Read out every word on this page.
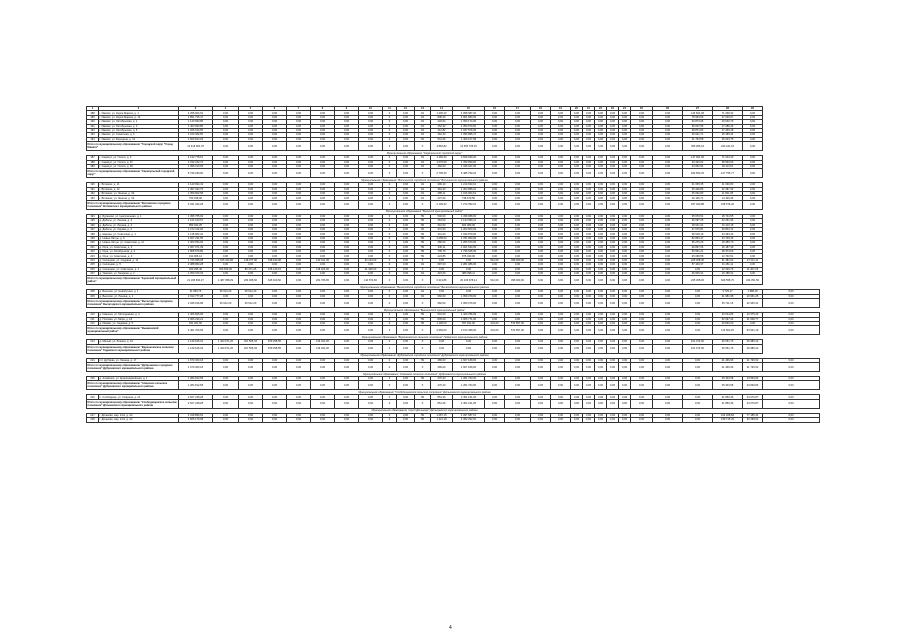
1	2	3	4	5	6	7	8	9	10	11	12	13	14	15	16	17	18	19	20	21	22	23	24	25	26	27	28	29	
188	г. Ижевск, ул. Карла Маркса, д. 1	4 258 904,62	0,00	0,00	0,00	0,00	0,00	0,00	0,00	0	0,00	СК	1 205,20	4 058 087,00	0,00	0,00	0,00	0,00	0,00	0,00	0,00	0,00	0,00	0,00	0,00	115 841,48	71 268,32	0,00	
189	г. Ижевск, ул. Карла Маркса, д. 12	2 891 725,47	0,00	0,00	0,00	0,00	0,00	0,00	0,00	0	0,00	СК	838,20	2 901 680,00	0,00	0,00	0,00	0,00	0,00	0,00	0,00	0,00	0,00	0,00	0,00	78 963,59	47 029,67	0,00	
190	г. Ижевск, ул. Октябрьская, д. 1	1 140 690,85	0,00	0,00	0,00	0,00	0,00	0,00	0,00	0	0,00	СК	434,64	1 090 174,00	0,00	0,00	0,00	0,00	0,00	0,00	0,00	0,00	0,00	0,00	0,00	30 873,96	19 640,79	0,00	
191	г. Ижевск, ул. Октябрьская, д. 3	1 400 993,80	0,00	0,00	0,00	0,00	0,00	0,00	0,00	0	0,00	СК	452,32	1 350 670,00	0,00	0,00	0,00	0,00	0,00	0,00	0,00	0,00	0,00	0,00	0,00	39 037,66	17 286,46	0,00	
192	г. Ижевск, ул. Октябрьская, д. 5	1 026 614,55	0,00	0,00	0,00	0,00	0,00	0,00	0,00	0	0,00	СК	412,82	1 037 576,00	0,00	0,00	0,00	0,00	0,00	0,00	0,00	0,00	0,00	0,00	0,00	28 871,82	17 266,48	0,00	
193	г. Ижевск, ул. Советская, д. 4	1 100 462,50	0,00	0,00	0,00	0,00	0,00	0,00	0,00	0	0,00	СК	462,40	1 056 895,47	0,00	0,00	0,00	0,00	0,00	0,00	0,00	0,00	0,00	0,00	0,00	30 621,71	18 185,34	0,00	
194	г. Ижевск, ул. Бородина, д. 12	1 509 812,25	0,00	0,00	0,00	0,00	0,00	0,00	0,00	0	0,00	СК	541,66	1 469 167,98	0,00	0,00	0,00	0,00	0,00	0,00	0,00	0,00	0,00	0,00	0,00	41 763,58	25 003,75	0,00	
Итого по муниципальному образованию "Городской округ "Город Ижевск"		13 318 004,78	0,00	0,00	0,00	0,00	0,00	0,00	0,00	0	0,00	Х	4 866,82	14 350 735,45	0,00	0,00	0,00	0,00	0,00	0,00	0,00	0,00	0,00	0,00	0,00	456 256,19	223 441,15	0,00	
Муниципальное образование "Сарапульский городской округ"																													
187	г. Сарапул, ул. Гоголя, д. 3	4 132 778,51	0,00	0,00	0,00	0,00	0,00	0,00	0,00	0	0,00	СК	1 266,30	3 849 939,00	0,00	0,00	0,00	0,00	0,00	0,00	0,00	0,00	0,00	0,00	0,00	147 001,66	71 004,30	0,00	
188	г. Сарапул, ул. Гоголя, д. 37	2 232 242,73	0,00	0,00	0,00	0,00	0,00	0,00	0,00	0	0,00	СК	1 076,00	1 782 839,00	0,00	0,00	0,00	0,00	0,00	0,00	0,00	0,00	0,00	0,00	0,00	40 420,62	38 660,53	0,00	
189	г. Сарапул, ул. Гоголя, д. 39	1 395 213,06	0,00	0,00	0,00	0,00	0,00	0,00	0,00	0	0,00	СК	460,00	1 346 047,00	0,00	0,00	0,00	0,00	0,00	0,00	0,00	0,00	0,00	0,00	0,00	34 652,54	18 113,51	0,00	
Итого по муниципальному образованию "Сарапульский городской округ"		8 736 239,00	0,00	0,00	0,00	0,00	0,00	0,00	0,00	0	0,00	Х	2 795,30	6 485 799,04	0,00	0,00	0,00	0,00	0,00	0,00	0,00	0,00	0,00	0,00	0,00	182 550,23	127 755,77	0,00	
Муниципальное образование "Воткинское городское поселение" Воткинского муниципального района																													
190	г. Воткинск, д. 11	1 140 694,43	0,00	0,00	0,00	0,00	0,00	0,00	0,00	0	0,00	СК	390,20	1 214 633,01	0,00	0,00	0,00	0,00	0,00	0,00	0,00	0,00	0,00	0,00	0,00	31 665,35	21 630,83	0,00	
191	г. Воткинск, д. 12	1 357 322,76	0,00	0,00	0,00	0,00	0,00	0,00	0,00	0	0,00	СК	464,20	1 304 895,01	0,00	0,00	0,00	0,00	0,00	0,00	0,00	0,00	0,00	0,00	0,00	35 328,86	22 287,33	0,00	
192	г. Воткинск, ул. Ленина, д. 30	1 059 902,58	0,00	0,00	0,00	0,00	0,00	0,00	0,00	0	0,00	СК	285,11	1 016 064,61	0,00	0,00	0,00	0,00	0,00	0,00	0,00	0,00	0,00	0,00	0,00	25 092,80	11 821,95	0,00	
193	г. Воткинск, ул. Ленина, д. 32	763 328,90	0,00	0,00	0,00	0,00	0,00	0,00	0,00	0	0,00	СК	237,00	748 679,50	0,00	0,00	0,00	0,00	0,00	0,00	0,00	0,00	0,00	0,00	0,00	20 106,71	14 436,36	0,00	
Итого по муниципальному образованию "Воткинское городское поселение" Воткинского муниципального района		5 041 322,28	0,00	0,00	0,00	0,00	0,00	0,00	0,00	0	0,00	Х	2 105,62	7 272 052,91	0,00	0,00	0,00	0,00	0,00	0,00	0,00	0,00	0,00	0,00	0,00	187 460,88	108 576,20	0,00	
Муниципальное образование "Буинский муниципальный район"																													
194	д. Бураново, ул. Центральная, д. 1	1 395 755,94	0,00	0,00	0,00	0,00	0,00	0,00	0,00	0	0,00	ПК	540,00	1 336 968,00	0,00	0,00	0,00	0,00	0,00	0,00	0,00	0,00	0,00	0,00	0,00	35 670,54	18 744,55	0,00	
195	д. Дебесы, ул. Ленина, д. 2	1 121 103,67	0,00	0,00	0,00	0,00	0,00	0,00	0,00	0	0,00	ПК	463,00	1 124 096,11	0,00	0,00	0,00	0,00	0,00	0,00	0,00	0,00	0,00	0,00	0,00	30 097,25	22 251,96	0,00	
196	д. Дебесы, ул. Ленина, д. 4	853 022,25	0,00	0,00	0,00	0,00	0,00	0,00	0,00	0	0,00	ПК	310,00	824 080,00	0,00	0,00	0,00	0,00	0,00	0,00	0,00	0,00	0,00	0,00	0,00	18 621,31	10 410,15	0,00	
197	д. Дебесы, ул. Кирова, д. 4	1 272 113,02	0,00	0,00	0,00	0,00	0,00	0,00	0,00	0	0,00	СК	372,00	1 203 604,09	0,00	0,00	0,00	0,00	0,00	0,00	0,00	0,00	0,00	0,00	0,00	47 675,81	20 803,12	0,00	
198	д. Шаркан, ул. Советская, д. 1	1 118 963,42	0,00	0,00	0,00	0,00	0,00	0,00	0,00	0	0,00	ПК	441,00	1 039 870,00	0,00	0,00	0,00	0,00	0,00	0,00	0,00	0,00	0,00	0,00	0,00	48 518,19	24 493,43	0,00	
199	д. Новые Зятцы, д. 6	2 927 231,55	0,00	0,00	0,00	0,00	0,00	0,00	0,00	0	0,00	ПК	1 058,00	2 781 860,00	0,00	0,00	0,00	0,00	0,00	0,00	0,00	0,00	0,00	0,00	0,00	82 863,47	44 746,36	0,00	
200	д. Новые Зятцы, ул. Советская, д. 11	1 303 654,00	0,00	0,00	0,00	0,00	0,00	0,00	0,00	0	0,00	ПК	480,00	1 256 970,00	0,00	0,00	0,00	0,00	0,00	0,00	0,00	0,00	0,00	0,00	0,00	35 276,29	19 286,70	0,00	
201	д. Игра, ул. Советская, д. 3	1 067 071,39	0,00	0,00	0,00	0,00	0,00	0,00	0,00	0	0,00	ПК	330,11	1 021 524,05	0,00	0,00	0,00	0,00	0,00	0,00	0,00	0,00	0,00	0,00	0,00	26 867,06	16 187,39	0,00	
202	д. Игра, ул. Октябрьская, д. 4	1 808 579,80	0,00	0,00	0,00	0,00	0,00	0,00	0,00	0	0,00	ПК	706,70	1 736 645,00	0,00	0,00	0,00	0,00	0,00	0,00	0,00	0,00	0,00	0,00	0,00	50 561,21	28 374,00	0,00	
203	д. Игра, ул. Советская, д. 4	912 966,12	0,00	0,00	0,00	0,00	0,00	0,00	0,00	0	0,00	ПК	224,85	875 040,00	0,00	0,00	0,00	0,00	0,00	0,00	0,00	0,00	0,00	0,00	0,00	25 098,58	13 730,51	0,00	
204	д. Селищево, ул. Садовая, д. 11	1 726 958,08	1 615 334,86	148 077,96	538 640,08	0,00	143 421,05	0,00	32 210,00	0	0,00	Х	0,00	0,00	512,00	396 000,00	0,00	0,00	0,00	0,00	0,00	0,00	0,00	0,00	0,00	225 308,00	61 481,62	27 211,11	
205	д. Селищево, д. 5	2 388 953,28	0,00	0,00	0,00	0,00	0,00	0,00	0,00	0	0,00	СК	697,00	2 281 986,00	0,00	0,00	0,00	0,00	0,00	0,00	0,00	0,00	0,00	0,00	0,00	57 440,37	31 481,11	0,00	
206	д. Селищево, ул. Советская, д. 1	460 395,40	450 659,00	80 371,05	105 130,15	0,00	118 424,00	0,00	21 348,00	0	0,00	Х	0,00	0,00	0,00	0,00	0,00	0,00	0,00	0,00	0,00	0,00	0,00	0,00	0,00	0,00	22 026,76	11 307,26	
207	д. Уканово, ул. Гагарина, д. 2	1 050 373,33	0,00	0,00	0,00	0,00	0,00	0,00	0,00	0	0,00	СК	415,00	986 098,11	0,00	0,00	0,00	0,00	0,00	0,00	0,00	0,00	0,00	0,00	0,00	26 606,31	16 188,32	0,00	
Итого по муниципальному образованию "Буинский муниципальный район"		21 186 830,27	1 487 058,29	264 008,66	626 910,60	0,00	261 766,65	0,00	110 574,60	0	0,00	Х	6 213,86	20 236 978,41	512,00	396 000,00	0,00	0,00	0,00	0,00	0,00	0,00	0,00	0,00	0,00	225 308,00	629 558,70	344 351,56	
Муниципальное образование "Вычегодское городское поселение" Вычегодского муниципального района																													
208	д. Выселки, ул. Новобугина, д. 1	21 839,76	26 612,20	26 612,20	0,00	0,00	0,00	0,00	0,00	0	0,00	СК	0,00	0,00	0,00	0,00	0,00	0,00	0,00	0,00	0,00	0,00	0,00	0,00	0,00	0,00	3 729,17	1 988,18	0,00
209	д. Выселки, ул. Ленина, д. 1	2 014 777,28	0,00	0,00	0,00	0,00	0,00	0,00	0,00	0	0,00	СК	960,00	1 959 379,00	0,00	0,00	0,00	0,00	0,00	0,00	0,00	0,00	0,00	0,00	0,00	0,00	41 981,98	20 951,25	0,00
Итого по муниципальному образованию "Вычегодское городское поселение" Вычегодского муниципального района		2 046 616,98	26 612,20	26 612,20	0,00	0,00	0,00	0,00	0,00	0	0,00	Х	960,00	1 959 379,00	0,00	0,00	0,00	0,00	0,00	0,00	0,00	0,00	0,00	0,00	0,00	0,00	45 711,15	22 945,31	0,00
Муниципальное образование "Вышкинский муниципальный район"																													
210	д. Каменка, ул. Молодежная, д. 4	1 466 825,96	0,00	0,00	0,00	0,00	0,00	0,00	0,00	0	0,00	ПК	531,00	1 429 786,99	0,00	0,00	0,00	0,00	0,00	0,00	0,00	0,00	0,00	0,00	0,00	0,00	40 044,86	23 375,23	0,00
211	д. Поповка, ул. Мира, д. 18	2 066 230,21	0,00	0,00	0,00	0,00	0,00	0,00	0,00	0	0,00	ПК	845,00	2 005 771,00	0,00	0,00	0,00	0,00	0,00	0,00	0,00	0,00	0,00	0,00	0,00	0,00	52 697,34	31 548,77	0,00
212	д. Ивково, ул. Садовая, д. 5	931 401,56	0,00	0,00	0,00	0,00	0,00	0,00	0,00	0	0,00	ПК	1 190,00	657 941,00	344,00	574 857,00	0,00	0,00	0,00	0,00	0,00	0,00	0,00	0,00	0,00	0,00	20 820,00	0,00	0,00
Итого по муниципальному образованию "Вышкинский муниципальный район"		4 461 706,65	0,00	0,00	0,00	0,00	0,00	0,00	0,00	0	0,00	Х	2 566,00	3 103 468,00	344,00	574 857,00	0,00	0,00	0,00	0,00	0,00	0,00	0,00	0,00	0,00	0,00	113 562,20	54 921,19	0,00
Муниципальное образование "Верхнесаеское сельское поселение" Гадевского муниципального района																													
213	д. Малый, ул. Ленина, д. 1А	1 149 615,32	1 423 671,20	327 505,34	879 258,55	0,00	116 431,30	0,00	0,00	0	0,00	Х	0,00	0,00	0,00	0,00	0,00	0,00	0,00	0,00	0,00	0,00	0,00	0,00	0,00	161 072,60	30 051,76	46 986,42	
Итого по муниципальному образованию "Верхнесаеское сельское поселение" Гадевского муниципального района		1 149 615,32	1 423 671,20	327 505,34	879 258,55	0,00	116 431,30	0,00	0,00	0	0,00	Х	0,00	0,00	0,00	0,00	0,00	0,00	0,00	0,00	0,00	0,00	0,00	0,00	0,00	161 072,60	30 051,76	46 986,42	
Муниципальное образование "Дуброевское городское поселение" Дуброевского муниципального района																													
214	пгт. Дуброво, ул. Ленина, д. 17	1 670 363,18	0,00	0,00	0,00	0,00	0,00	0,00	0,00	0	0,00	ПК	489,00	1 607 189,00	0,00	0,00	0,00	0,00	0,00	0,00	0,00	0,00	0,00	0,00	0,00	0,00	41 466,96	21 736,52	0,00
Итого по муниципальному образованию "Дуброевское городское поселение" Дуброевского муниципального района		1 670 363,18	0,00	0,00	0,00	0,00	0,00	0,00	0,00	0	0,00	Х	489,00	1 607 189,00	0,00	0,00	0,00	0,00	0,00	0,00	0,00	0,00	0,00	0,00	0,00	0,00	41 466,96	21 736,52	0,00
Муниципальное образование "Алмазное сельское поселение" Дуброевского муниципального района																													
215	д. Алмазное, ул. Красноармейская, д. 1	1 284 812,58	0,00	0,00	0,00	0,00	0,00	0,00	0,00	0	0,00	ПК	476,23	1 281 763,00	0,00	0,00	0,00	0,00	0,00	0,00	0,00	0,00	0,00	0,00	0,00	0,00	35 304,58	23 836,84	0,00
Итого по муниципальному образованию "Алмазное сельское поселение" Дуброевского муниципального района		1 284 812,58	0,00	0,00	0,00	0,00	0,00	0,00	0,00	0	0,00	Х	476,23	1 281 763,00	0,00	0,00	0,00	0,00	0,00	0,00	0,00	0,00	0,00	0,00	0,00	0,00	35 304,58	23 836,84	0,00
Муниципальное образование "Слободищенское сельское поселение" Дятьковского муниципального района																													
216	п. Слободище, ул. Гагарина, д. 21	2 527 248,28	0,00	0,00	0,00	0,00	0,00	0,00	0,00	0	0,00	ПК	851,26	2 451 191,05	0,00	0,00	0,00	0,00	0,00	0,00	0,00	0,00	0,00	0,00	0,00	0,00	41 850,36	24 076,87	0,00
Итого по муниципальному образованию "Слободищенское сельское поселение" Дятьковского муниципального района		2 527 248,28	0,00	0,00	0,00	0,00	0,00	0,00	0,00	0	0,00	Х	851,26	2 451 191,05	0,00	0,00	0,00	0,00	0,00	0,00	0,00	0,00	0,00	0,00	0,00	0,00	41 850,36	24 076,87	0,00
Муниципальное образование "город Дятьково" Дятьковского муниципального района																													
217	г. Дятьково, мкр. 13-й, д. 24	4 318 890,52	0,00	0,00	0,00	0,00	0,00	0,00	0,00	0	0,00	ПК	1 087,15	4 097 587,01	0,00	0,00	0,00	0,00	0,00	0,00	0,00	0,00	0,00	0,00	0,00	0,00	104 208,84	77 185,34	0,00
218	г. Дятьково, мкр. 13-й, д. 22	4 605 179,08	0,00	0,00	0,00	0,00	0,00	0,00	0,00	0	0,00	ПК	1 421,18	4 352 262,00	0,00	0,00	0,00	0,00	0,00	0,00	0,00	0,00	0,00	0,00	0,00	0,00	159 715,20	93 298,04	0,00
4
